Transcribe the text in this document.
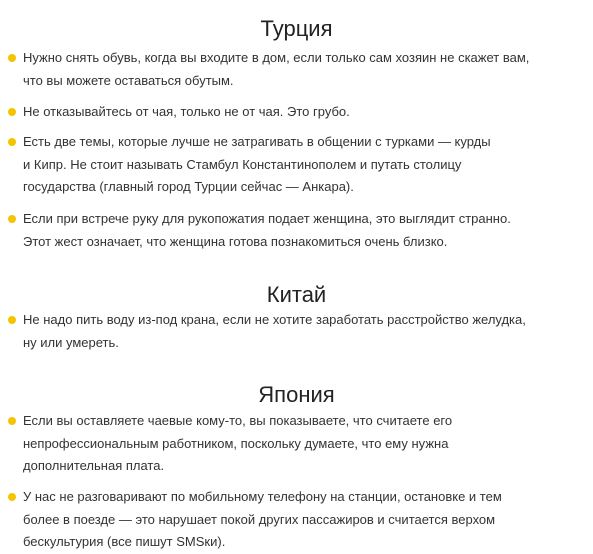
Турция

Нужно снять обувь, когда вы входите в дом, если только сам хозяин не скажет вам,
что вы можете оставаться обутым.

Не отказывайтесь от чая, только не от чая. Это грубо.

Есть две темы, которые лучше не затрагивать в общении с турками — курды
и Кипр. Не стоит называть Стамбул Константинополем и путать столицу
государства (главный город Турции сейчас — Анкара).

Если при встрече руку для рукопожатия подает женщина, это выглядит странно.
Этот жест означает, что женщина готова познакомиться очень близко.

Китай

Не надо пить воду из-под крана, если не хотите заработать расстройство желудка,
ну или умереть.

Япония

Если вы оставляете чаевые кому-то, вы показываете, что считаете его
непрофессиональным работником, поскольку думаете, что ему нужна
дополнительная плата.

У нас не разговаривают по мобильному телефону на станции, остановке и тем
более в поезде — это нарушает покой других пассажиров и считается верхом
бескультурия (все пишут SMSки).
